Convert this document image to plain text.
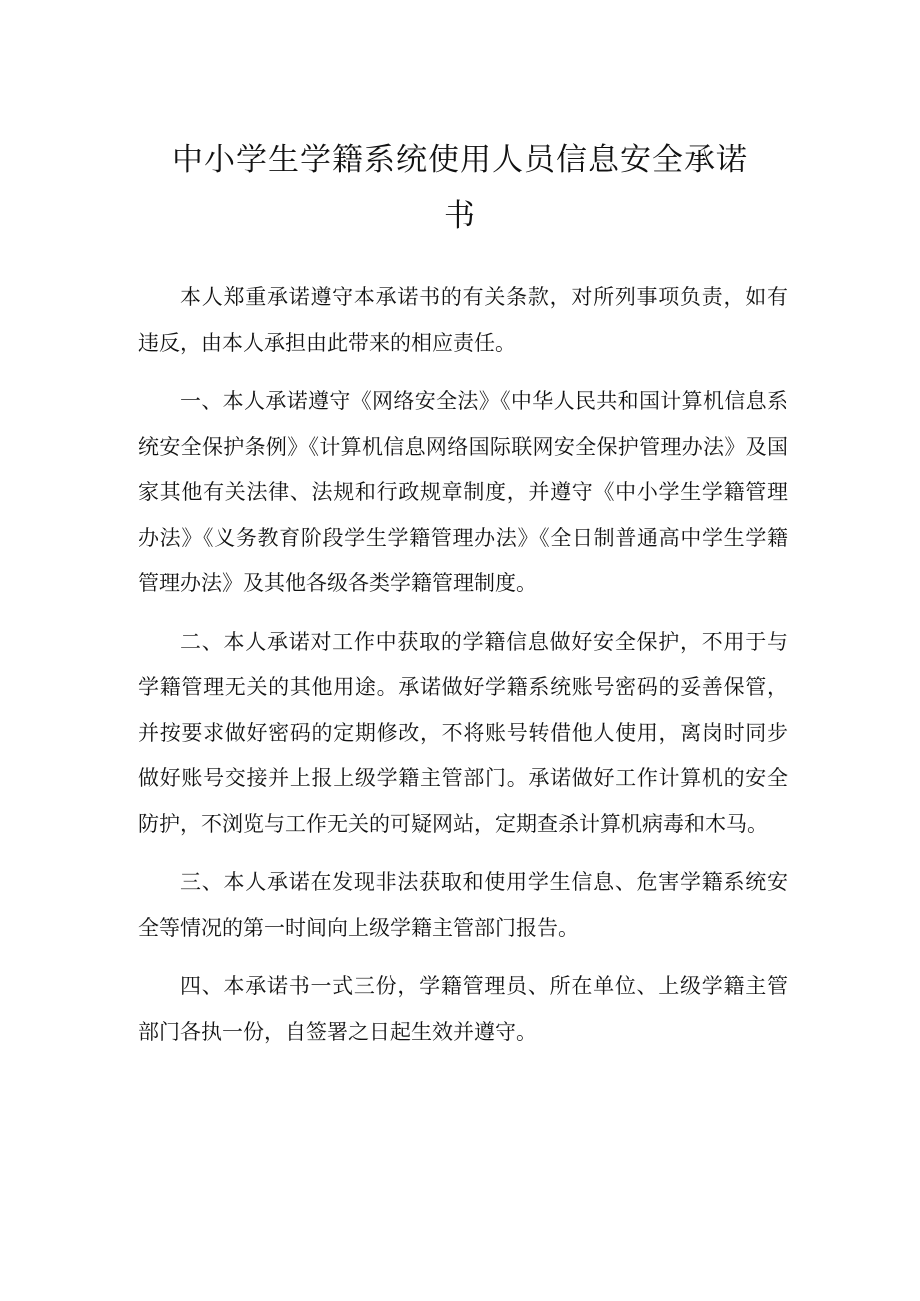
中小学生学籍系统使用人员信息安全承诺
书

本人郑重承诺遵守本承诺书的有关条款，对所列事项负责，如有违反，由本人承担由此带来的相应责任。

一、本人承诺遵守《网络安全法》《中华人民共和国计算机信息系统安全保护条例》《计算机信息网络国际联网安全保护管理办法》及国家其他有关法律、法规和行政规章制度，并遵守《中小学生学籍管理办法》《义务教育阶段学生学籍管理办法》《全日制普通高中学生学籍管理办法》及其他各级各类学籍管理制度。

二、本人承诺对工作中获取的学籍信息做好安全保护，不用于与学籍管理无关的其他用途。承诺做好学籍系统账号密码的妥善保管，并按要求做好密码的定期修改，不将账号转借他人使用，离岗时同步做好账号交接并上报上级学籍主管部门。承诺做好工作计算机的安全防护，不浏览与工作无关的可疑网站，定期查杀计算机病毒和木马。

三、本人承诺在发现非法获取和使用学生信息、危害学籍系统安全等情况的第一时间向上级学籍主管部门报告。

四、本承诺书一式三份，学籍管理员、所在单位、上级学籍主管部门各执一份，自签署之日起生效并遵守。
